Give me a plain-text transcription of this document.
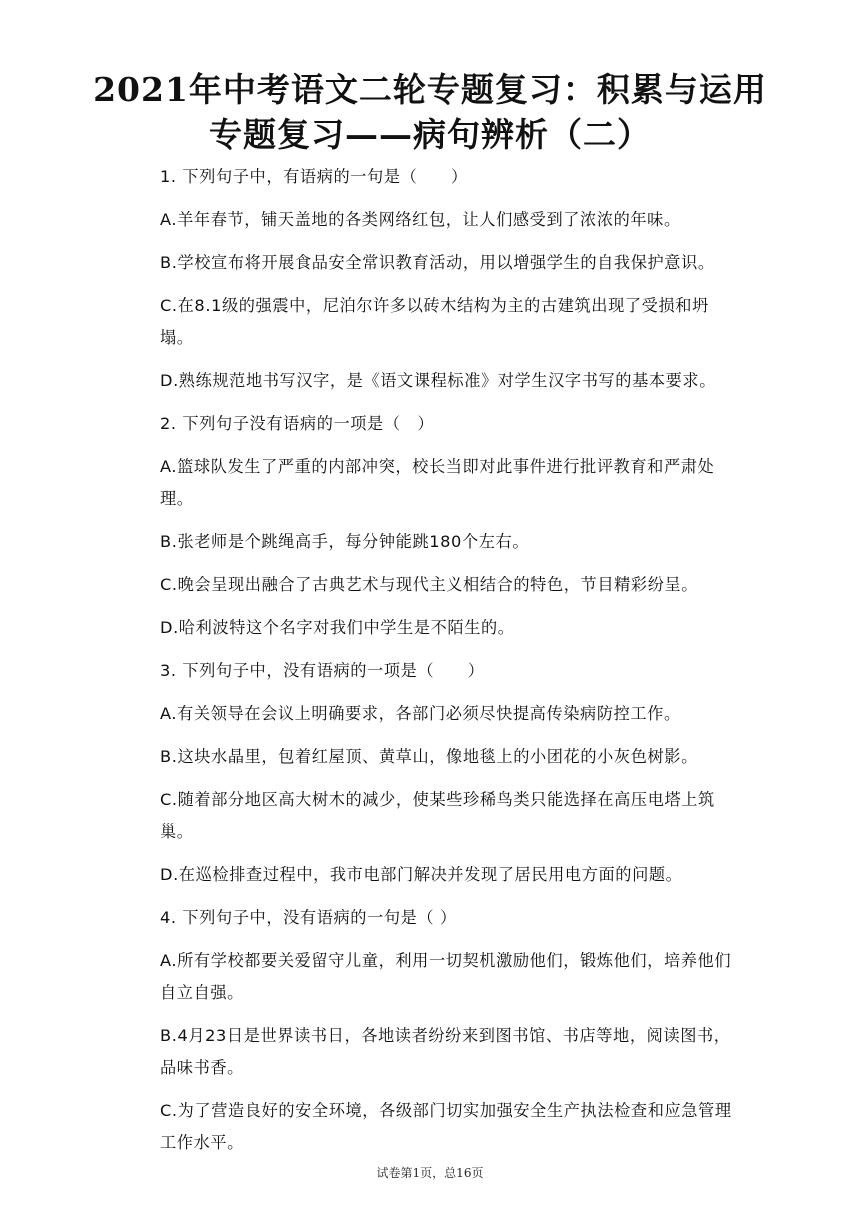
2021年中考语文二轮专题复习：积累与运用
专题复习——病句辨析（二）
1. 下列句子中，有语病的一句是（　　）
A.羊年春节，铺天盖地的各类网络红包，让人们感受到了浓浓的年味。
B.学校宣布将开展食品安全常识教育活动，用以增强学生的自我保护意识。
C.在8.1级的强震中，尼泊尔许多以砖木结构为主的古建筑出现了受损和坍塌。
D.熟练规范地书写汉字，是《语文课程标准》对学生汉字书写的基本要求。
2. 下列句子没有语病的一项是（　）
A.篮球队发生了严重的内部冲突，校长当即对此事件进行批评教育和严肃处理。
B.张老师是个跳绳高手，每分钟能跳180个左右。
C.晚会呈现出融合了古典艺术与现代主义相结合的特色，节目精彩纷呈。
D.哈利波特这个名字对我们中学生是不陌生的。
3. 下列句子中，没有语病的一项是（　　）
A.有关领导在会议上明确要求，各部门必须尽快提高传染病防控工作。
B.这块水晶里，包着红屋顶、黄草山，像地毯上的小团花的小灰色树影。
C.随着部分地区高大树木的减少，使某些珍稀鸟类只能选择在高压电塔上筑巢。
D.在巡检排查过程中，我市电部门解决并发现了居民用电方面的问题。
4. 下列句子中，没有语病的一句是（ ）
A.所有学校都要关爱留守儿童，利用一切契机激励他们，锻炼他们，培养他们自立自强。
B.4月23日是世界读书日，各地读者纷纷来到图书馆、书店等地，阅读图书，品味书香。
C.为了营造良好的安全环境，各级部门切实加强安全生产执法检查和应急管理工作水平。
试卷第1页，总16页
